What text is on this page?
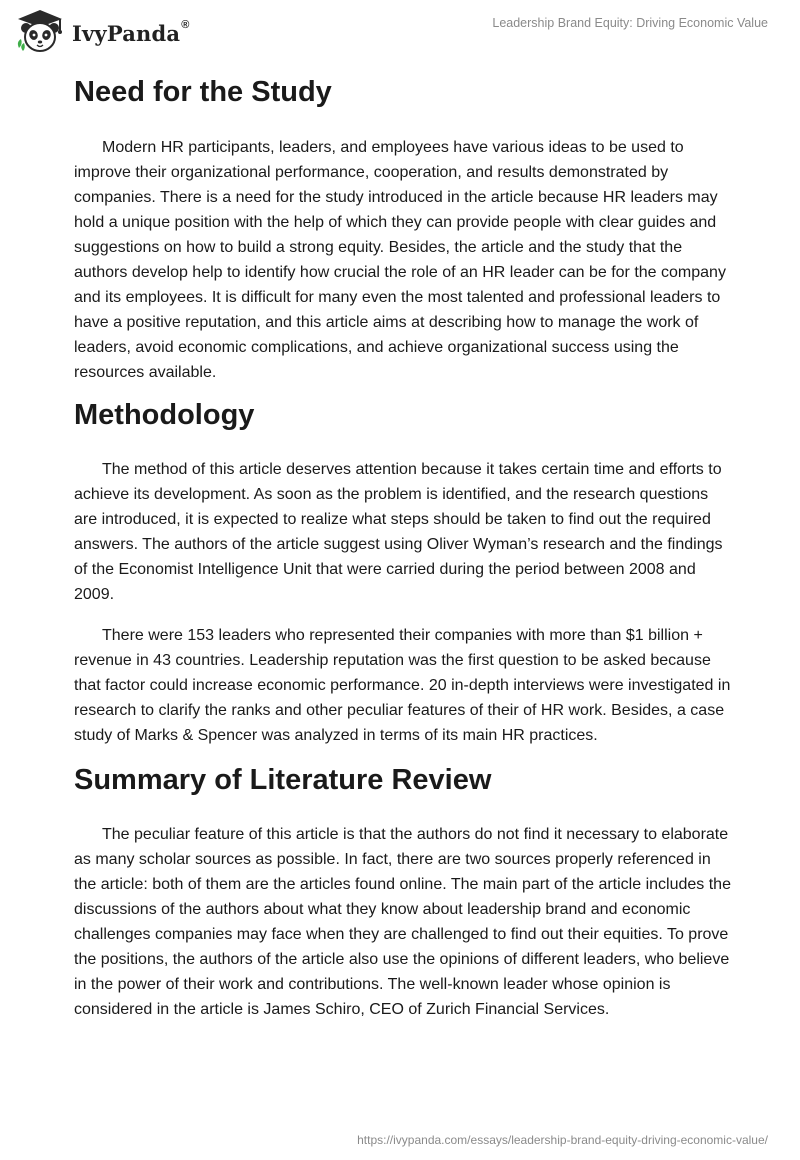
IvyPanda®	Leadership Brand Equity: Driving Economic Value
Need for the Study

Modern HR participants, leaders, and employees have various ideas to be used to improve their organizational performance, cooperation, and results demonstrated by companies. There is a need for the study introduced in the article because HR leaders may hold a unique position with the help of which they can provide people with clear guides and suggestions on how to build a strong equity. Besides, the article and the study that the authors develop help to identify how crucial the role of an HR leader can be for the company and its employees. It is difficult for many even the most talented and professional leaders to have a positive reputation, and this article aims at describing how to manage the work of leaders, avoid economic complications, and achieve organizational success using the resources available.

Methodology

The method of this article deserves attention because it takes certain time and efforts to achieve its development. As soon as the problem is identified, and the research questions are introduced, it is expected to realize what steps should be taken to find out the required answers. The authors of the article suggest using Oliver Wyman’s research and the findings of the Economist Intelligence Unit that were carried during the period between 2008 and 2009.

There were 153 leaders who represented their companies with more than $1 billion + revenue in 43 countries. Leadership reputation was the first question to be asked because that factor could increase economic performance. 20 in-depth interviews were investigated in research to clarify the ranks and other peculiar features of their of HR work. Besides, a case study of Marks & Spencer was analyzed in terms of its main HR practices.

Summary of Literature Review

The peculiar feature of this article is that the authors do not find it necessary to elaborate as many scholar sources as possible. In fact, there are two sources properly referenced in the article: both of them are the articles found online. The main part of the article includes the discussions of the authors about what they know about leadership brand and economic challenges companies may face when they are challenged to find out their equities. To prove the positions, the authors of the article also use the opinions of different leaders, who believe in the power of their work and contributions. The well-known leader whose opinion is considered in the article is James Schiro, CEO of Zurich Financial Services.

https://ivypanda.com/essays/leadership-brand-equity-driving-economic-value/
